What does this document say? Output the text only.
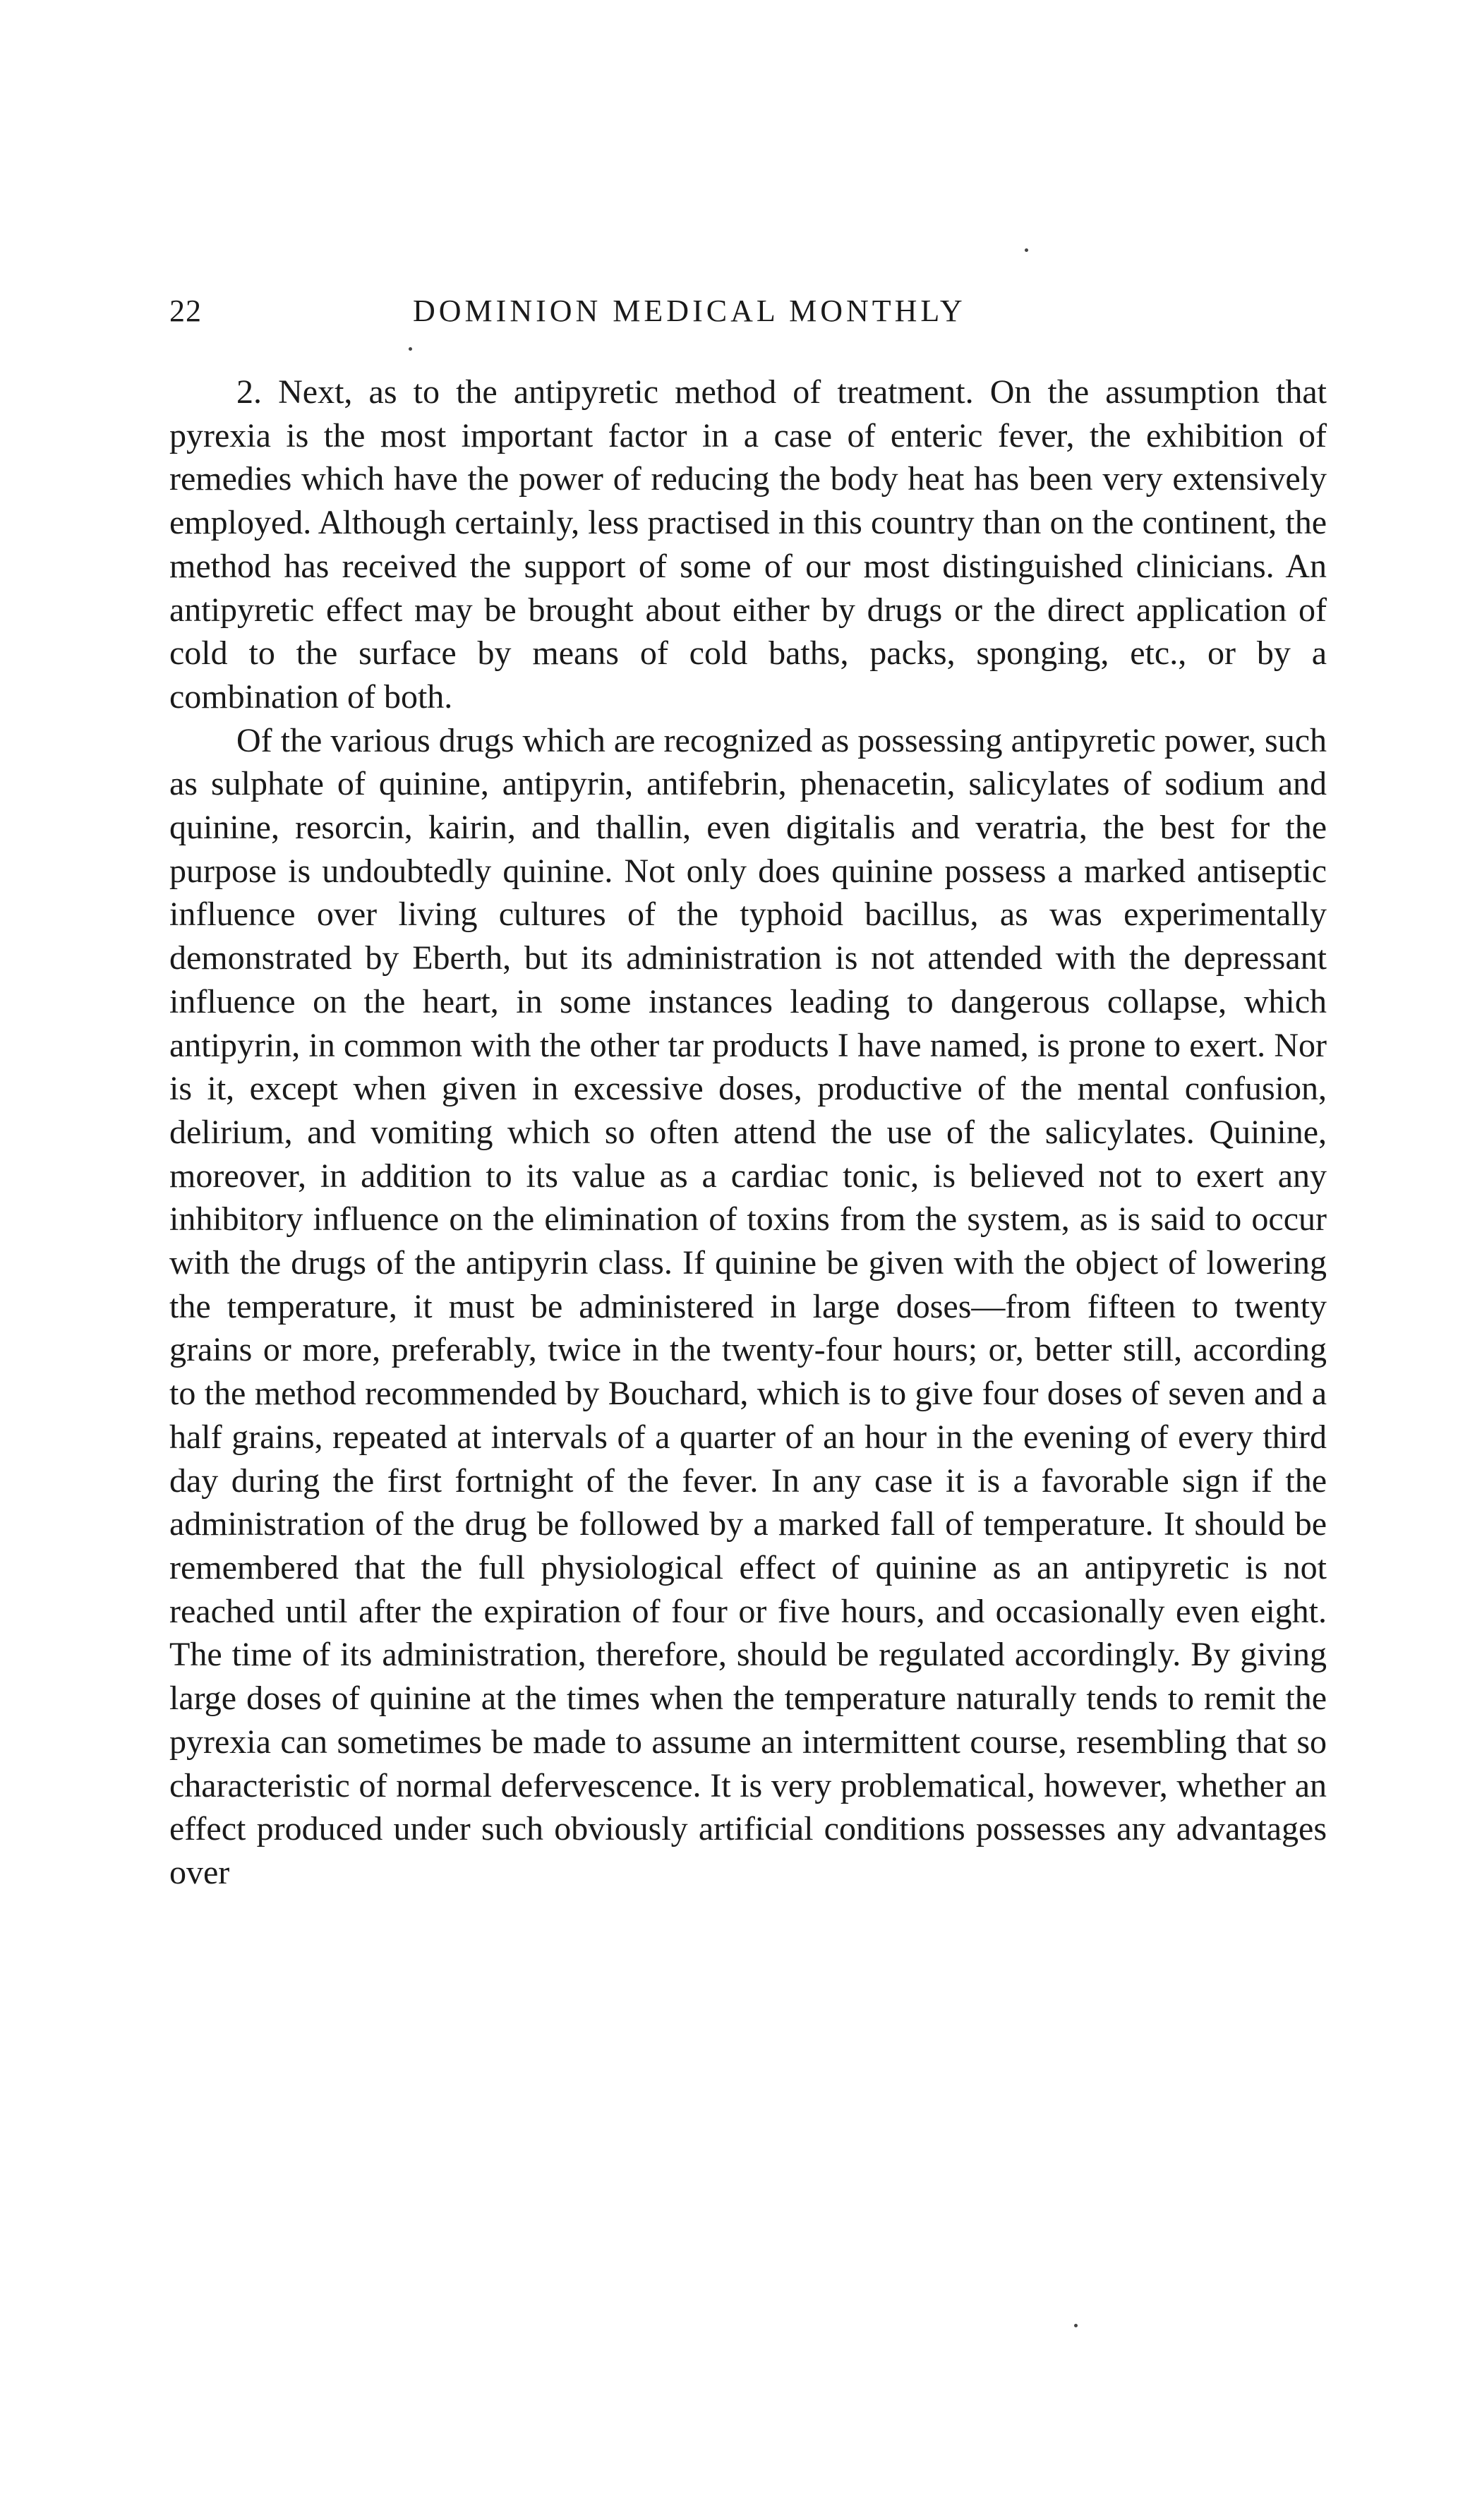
22	DOMINION MEDICAL MONTHLY

2. Next, as to the antipyretic method of treatment. On the assumption that pyrexia is the most important factor in a case of enteric fever, the exhibition of remedies which have the power of reducing the body heat has been very extensively employed. Although certainly, less practised in this country than on the continent, the method has received the support of some of our most distinguished clinicians. An antipyretic effect may be brought about either by drugs or the direct application of cold to the surface by means of cold baths, packs, sponging, etc., or by a combination of both.

Of the various drugs which are recognized as possessing antipyretic power, such as sulphate of quinine, antipyrin, antifebrin, phenacetin, salicylates of sodium and quinine, resorcin, kairin, and thallin, even digitalis and veratria, the best for the purpose is undoubtedly quinine. Not only does quinine possess a marked antiseptic influence over living cultures of the typhoid bacillus, as was experimentally demonstrated by Eberth, but its administration is not attended with the depressant influence on the heart, in some instances leading to dangerous collapse, which antipyrin, in common with the other tar products I have named, is prone to exert. Nor is it, except when given in excessive doses, productive of the mental confusion, delirium, and vomiting which so often attend the use of the salicylates. Quinine, moreover, in addition to its value as a cardiac tonic, is believed not to exert any inhibitory influence on the elimination of toxins from the system, as is said to occur with the drugs of the antipyrin class. If quinine be given with the object of lowering the temperature, it must be administered in large doses—from fifteen to twenty grains or more, preferably, twice in the twenty-four hours; or, better still, according to the method recommended by Bouchard, which is to give four doses of seven and a half grains, repeated at intervals of a quarter of an hour in the evening of every third day during the first fortnight of the fever. In any case it is a favorable sign if the administration of the drug be followed by a marked fall of temperature. It should be remembered that the full physiological effect of quinine as an antipyretic is not reached until after the expiration of four or five hours, and occasionally even eight. The time of its administration, therefore, should be regulated accordingly. By giving large doses of quinine at the times when the temperature naturally tends to remit the pyrexia can sometimes be made to assume an intermittent course, resembling that so characteristic of normal defervescence. It is very problematical, however, whether an effect produced under such obviously artificial conditions possesses any advantages over
